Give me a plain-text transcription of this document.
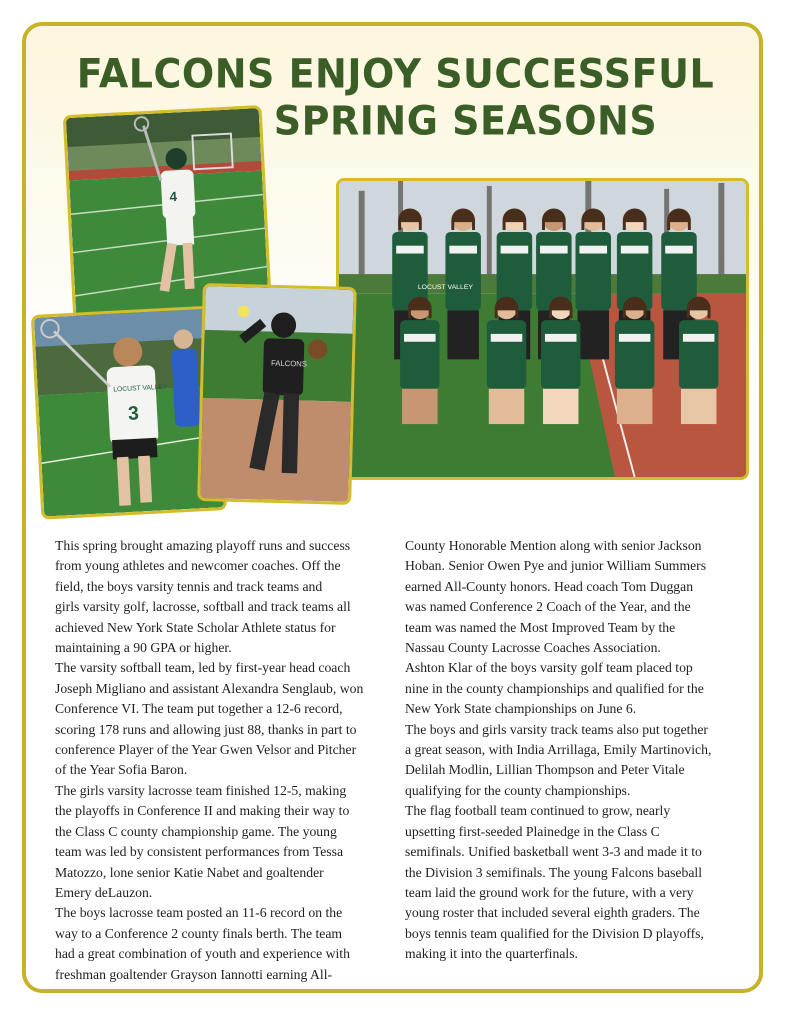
FALCONS ENJOY SUCCESSFUL
SPRING SEASONS
4
LOCUST VALLEY
3
LOCUST VALLEY
FALCONS

This spring brought amazing playoff runs and success

from young athletes and newcomer coaches. Off the

field, the boys varsity tennis and track teams and

girls varsity golf, lacrosse, softball and track teams all

achieved New York State Scholar Athlete status for

maintaining a 90 GPA or higher.

The varsity softball team, led by first-year head coach

Joseph Migliano and assistant Alexandra Senglaub, won

Conference VI. The team put together a 12-6 record,

scoring 178 runs and allowing just 88, thanks in part to

conference Player of the Year Gwen Velsor and Pitcher

of the Year Sofia Baron.

The girls varsity lacrosse team finished 12-5, making

the playoffs in Conference II and making their way to

the Class C county championship game. The young

team was led by consistent performances from Tessa

Matozzo, lone senior Katie Nabet and goaltender

Emery deLauzon.

The boys lacrosse team posted an 11-6 record on the

way to a Conference 2 county finals berth. The team

had a great combination of youth and experience with

freshman goaltender Grayson Iannotti earning All-

County Honorable Mention along with senior Jackson

Hoban. Senior Owen Pye and junior William Summers

earned All-County honors. Head coach Tom Duggan

was named Conference 2 Coach of the Year, and the

team was named the Most Improved Team by the

Nassau County Lacrosse Coaches Association.

Ashton Klar of the boys varsity golf team placed top

nine in the county championships and qualified for the

New York State championships on June 6.

The boys and girls varsity track teams also put together

a great season, with India Arrillaga, Emily Martinovich,

Delilah Modlin, Lillian Thompson and Peter Vitale

qualifying for the county championships.

The flag football team continued to grow, nearly

upsetting first-seeded Plainedge in the Class C

semifinals. Unified basketball went 3-3 and made it to

the Division 3 semifinals. The young Falcons baseball

team laid the ground work for the future, with a very

young roster that included several eighth graders. The

boys tennis team qualified for the Division D playoffs,

making it into the quarterfinals.
